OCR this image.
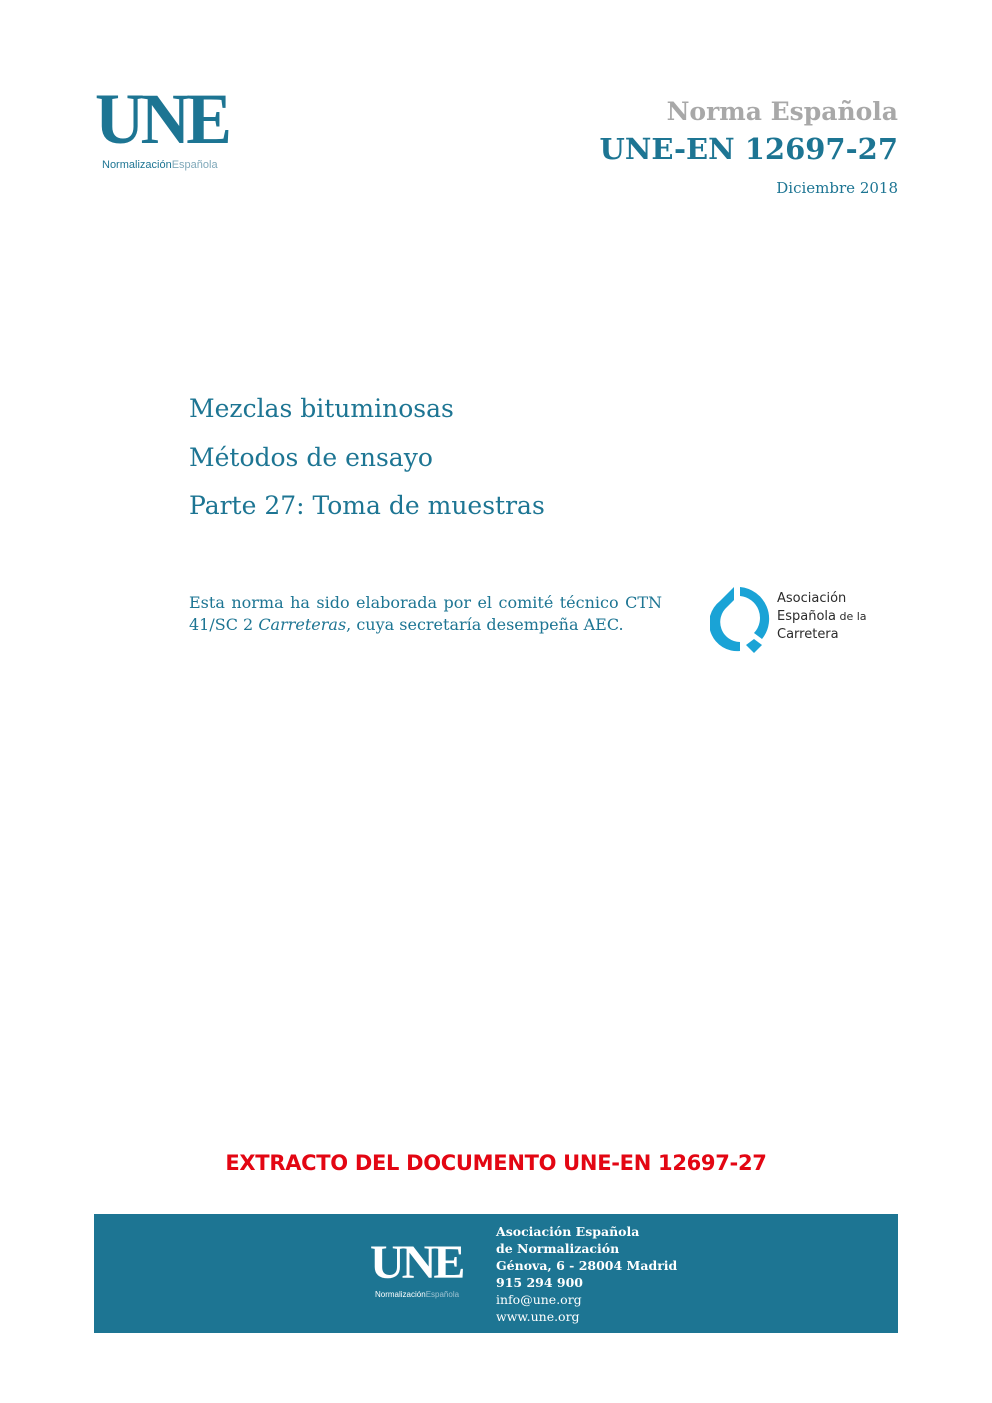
UNE
NormalizaciónEspañola
Norma Española
UNE-EN 12697-27
Diciembre 2018
Mezclas bituminosas
Métodos de ensayo
Parte 27: Toma de muestras
Esta norma ha sido elaborada por el comité técnico CTN 41/SC 2 Carreteras, cuya secretaría desempeña AEC.
Asociación
Española de la
Carretera
EXTRACTO DEL DOCUMENTO UNE-EN 12697-27
UNE
NormalizaciónEspañola
Asociación Española
de Normalización
Génova, 6 - 28004 Madrid
915 294 900
info@une.org
www.une.org
